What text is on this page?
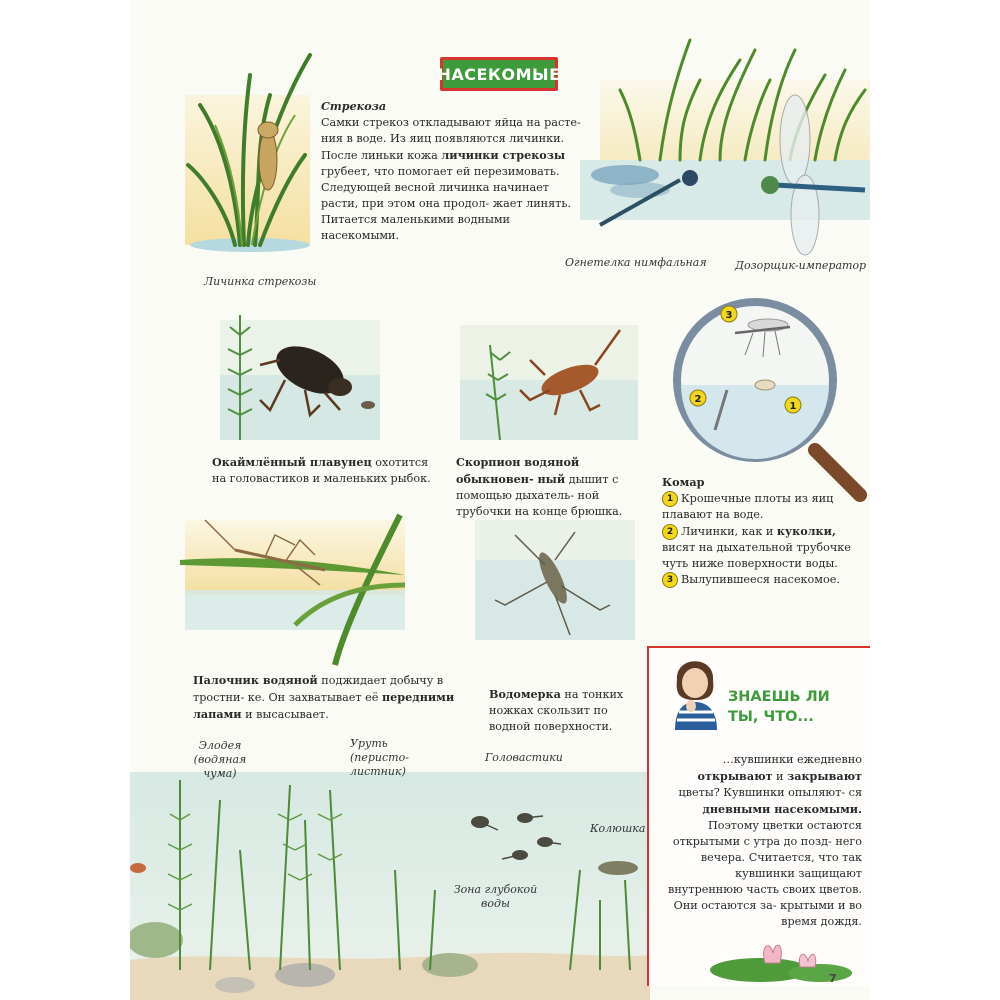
НАСЕКОМЫЕ
Личинка стрекозы
Огнетелка нимфальная	Дозорщик-император
Стрекоза
Самки стрекоз откладывают яйца на расте- ния в воде. Из яиц появляются личинки. После линьки кожа личинки стрекозы грубеет, что помогает ей перезимовать. Следующей весной личинка начинает расти, при этом она продол- жает линять. Питается маленькими водными насекомыми.
Окаймлённый плавунец охотится на головастиков и маленьких рыбок.
Скорпион водяной обыкновен- ный дышит с помощью дыхатель- ной трубочки на конце брюшка.
3
2
1
Комар
1 Крошечные плоты из яиц плавают на воде.
2 Личинки, как и куколки, висят на дыхательной трубочке чуть ниже поверхности воды.
3 Вылупившееся насекомое.
Палочник водяной поджидает добычу в тростни- ке. Он захватывает её передними лапами и высасывает.
Водомерка на тонких ножках скользит по водной поверхности.
Элодея (водяная чума)
Уруть (перисто- листник)
Головастики
Колюшка
Зона глубокой воды
ЗНАЕШЬ ЛИ
ТЫ, ЧТО...
…кувшинки ежедневно открывают и закрывают цветы? Кувшинки опыляют- ся дневными насекомыми. Поэтому цветки остаются открытыми с утра до позд- него вечера. Считается, что так кувшинки защищают внутреннюю часть своих цветов. Они остаются за- крытыми и во время дождя.
7
